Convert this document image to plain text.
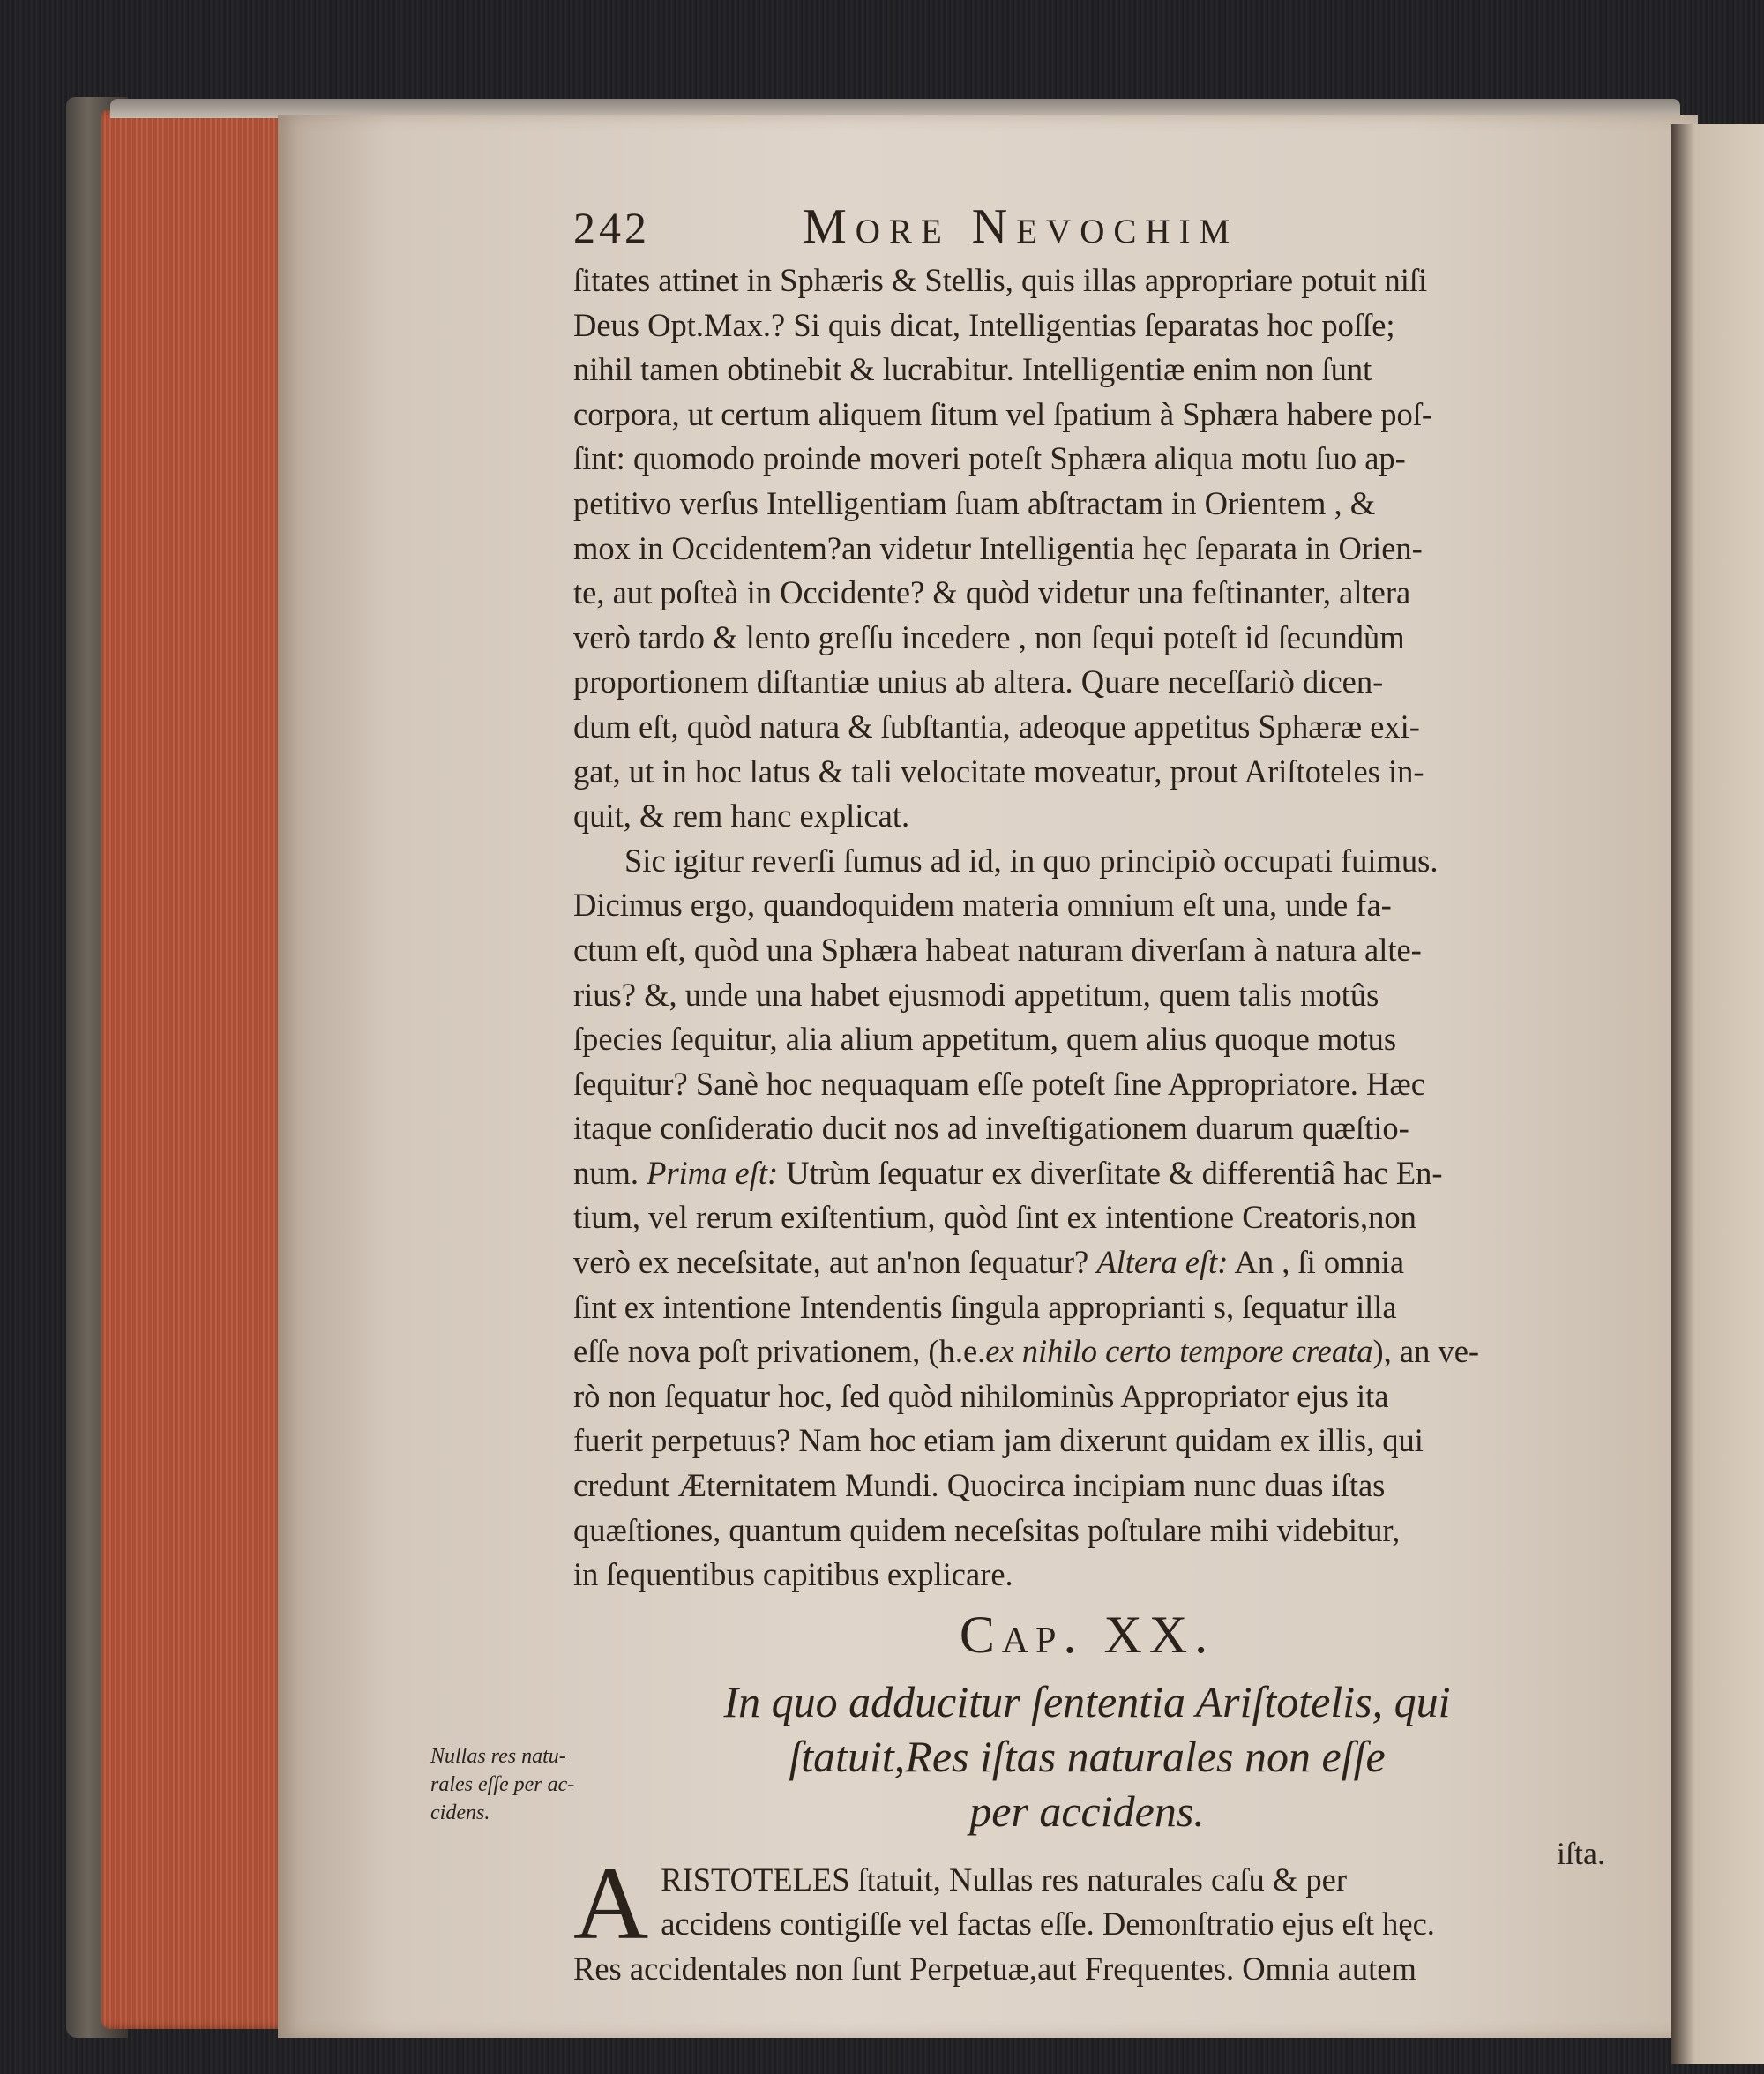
242	More Nevochim
ſitates attinet in Sphæris & Stellis, quis illas appropriare potuit niſi
Deus Opt.Max.? Si quis dicat, Intelligentias ſeparatas hoc poſſe;
nihil tamen obtinebit & lucrabitur. Intelligentiæ enim non ſunt
corpora, ut certum aliquem ſitum vel ſpatium à Sphæra habere poſ-
ſint: quomodo proinde moveri poteſt Sphæra aliqua motu ſuo ap-
petitivo verſus Intelligentiam ſuam abſtractam in Orientem , &
mox in Occidentem?an videtur Intelligentia hęc ſeparata in Orien-
te, aut poſteà in Occidente? & quòd videtur una feſtinanter, altera
verò tardo & lento greſſu incedere , non ſequi poteſt id ſecundùm
proportionem diſtantiæ unius ab altera. Quare neceſſariò dicen-
dum eſt, quòd natura & ſubſtantia, adeoque appetitus Sphæræ exi-
gat, ut in hoc latus & tali velocitate moveatur, prout Ariſtoteles in-
quit, & rem hanc explicat.
Sic igitur reverſi ſumus ad id, in quo principiò occupati fuimus.
Dicimus ergo, quandoquidem materia omnium eſt una, unde fa-
ctum eſt, quòd una Sphæra habeat naturam diverſam à natura alte-
rius? &, unde una habet ejusmodi appetitum, quem talis motûs
ſpecies ſequitur, alia alium appetitum, quem alius quoque motus
ſequitur? Sanè hoc nequaquam eſſe poteſt ſine Appropriatore. Hæc
itaque conſideratio ducit nos ad inveſtigationem duarum quæſtio-
num. Prima eſt: Utrùm ſequatur ex diverſitate & differentiâ hac En-
tium, vel rerum exiſtentium, quòd ſint ex intentione Creatoris,non
verò ex neceſsitate, aut an'non ſequatur? Altera eſt: An , ſi omnia
ſint ex intentione Intendentis ſingula approprianti s, ſequatur illa
eſſe nova poſt privationem, (h.e.ex nihilo certo tempore creata), an ve-
rò non ſequatur hoc, ſed quòd nihilominùs Appropriator ejus ita
fuerit perpetuus? Nam hoc etiam jam dixerunt quidam ex illis, qui
credunt Æternitatem Mundi. Quocirca incipiam nunc duas iſtas
quæſtiones, quantum quidem neceſsitas poſtulare mihi videbitur,
in ſequentibus capitibus explicare.
Cap. XX.
In quo adducitur ſententia Ariſtotelis, qui
ſtatuit,Res iſtas naturales non eſſe
per accidens.
A RISTOTELES ſtatuit, Nullas res naturales caſu & per
accidens contigiſſe vel factas eſſe. Demonſtratio ejus eſt hęc.
Res accidentales non ſunt Perpetuæ,aut Frequentes. Omnia autem
Nullas res natu-
rales eſſe per ac-
cidens.
iſta.
